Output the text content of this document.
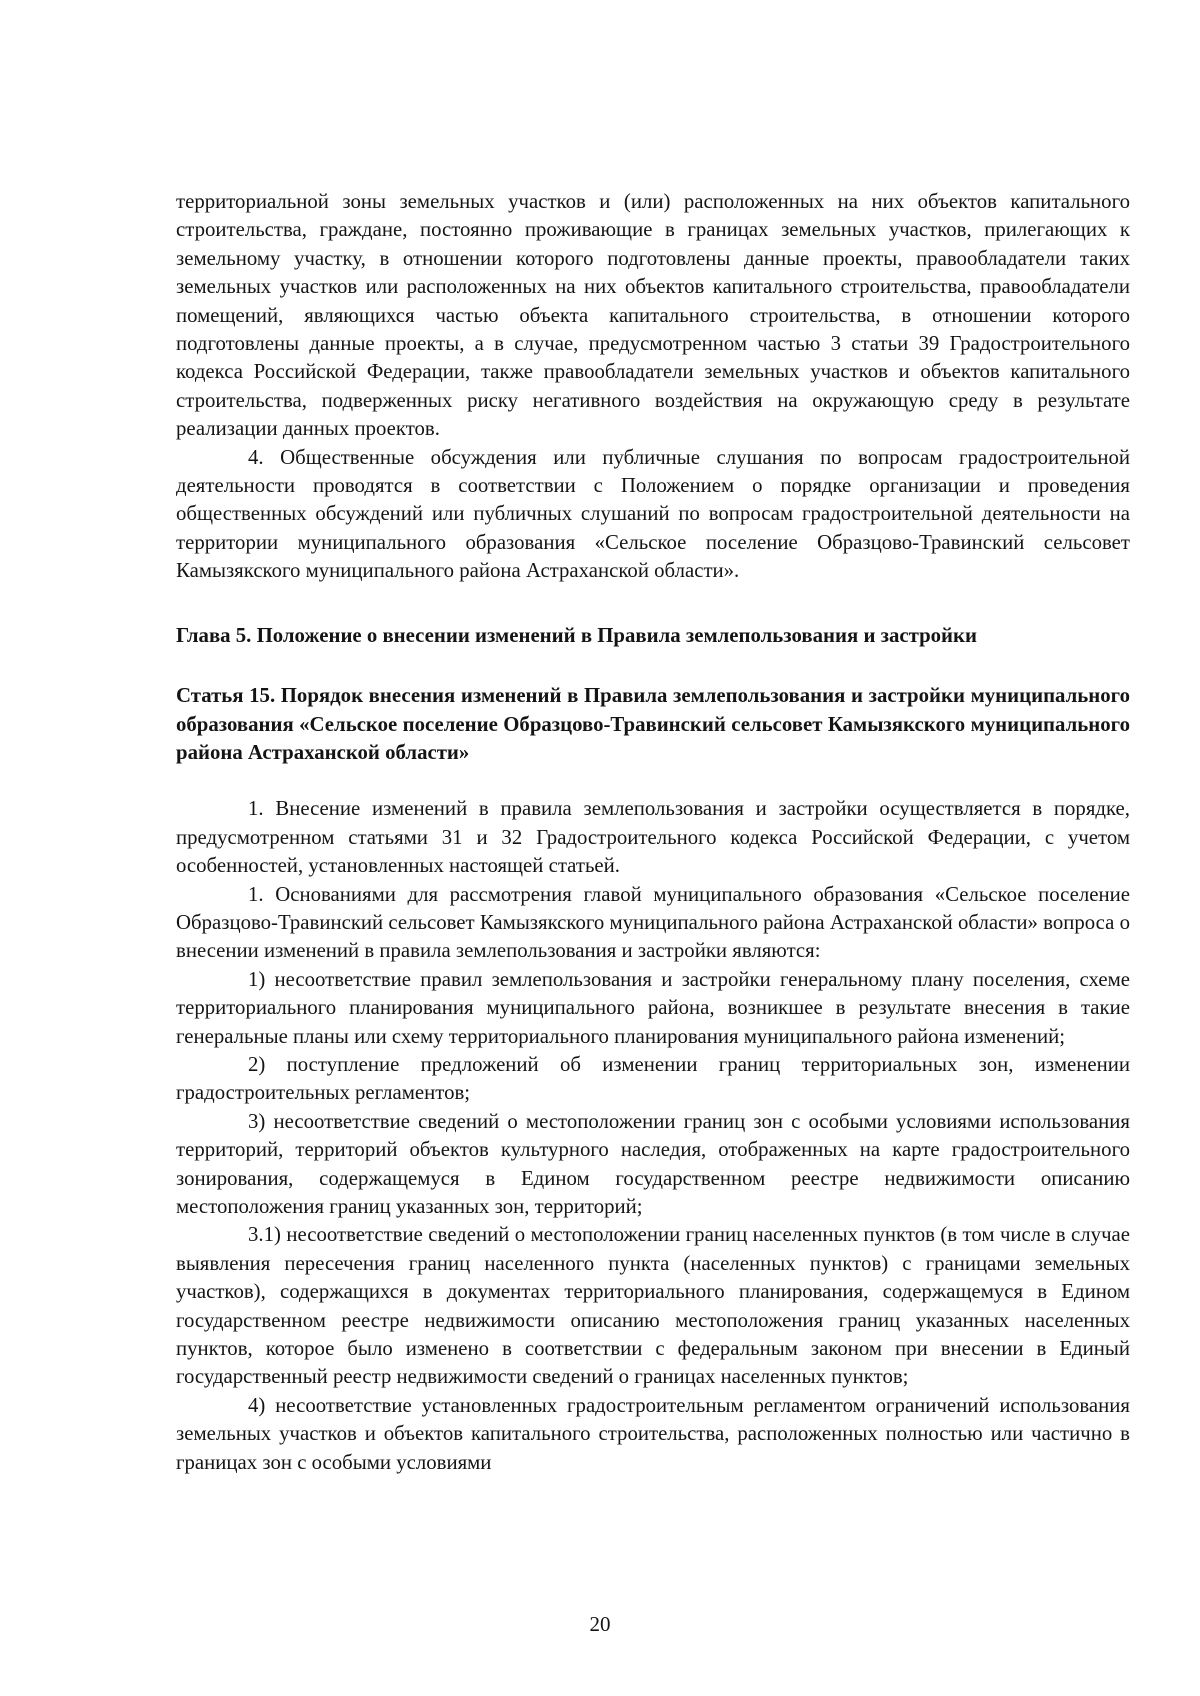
территориальной зоны земельных участков и (или) расположенных на них объектов капитального строительства, граждане, постоянно проживающие в границах земельных участков, прилегающих к земельному участку, в отношении которого подготовлены данные проекты, правообладатели таких земельных участков или расположенных на них объектов капитального строительства, правообладатели помещений, являющихся частью объекта капитального строительства, в отношении которого подготовлены данные проекты, а в случае, предусмотренном частью 3 статьи 39 Градостроительного кодекса Российской Федерации, также правообладатели земельных участков и объектов капитального строительства, подверженных риску негативного воздействия на окружающую среду в результате реализации данных проектов.

4. Общественные обсуждения или публичные слушания по вопросам градостроительной деятельности проводятся в соответствии с Положением о порядке организации и проведения общественных обсуждений или публичных слушаний по вопросам градостроительной деятельности на территории муниципального образования «Сельское поселение Образцово-Травинский сельсовет Камызякского муниципального района Астраханской области».

Глава 5. Положение о внесении изменений в Правила землепользования и застройки

Статья 15. Порядок внесения изменений в Правила землепользования и застройки муниципального образования «Сельское поселение Образцово-Травинский сельсовет Камызякского муниципального района Астраханской области»

1. Внесение изменений в правила землепользования и застройки осуществляется в порядке, предусмотренном статьями 31 и 32 Градостроительного кодекса Российской Федерации, с учетом особенностей, установленных настоящей статьей.

1. Основаниями для рассмотрения главой муниципального образования «Сельское поселение Образцово-Травинский сельсовет Камызякского муниципального района Астраханской области» вопроса о внесении изменений в правила землепользования и застройки являются:

1) несоответствие правил землепользования и застройки генеральному плану поселения, схеме территориального планирования муниципального района, возникшее в результате внесения в такие генеральные планы или схему территориального планирования муниципального района изменений;

2) поступление предложений об изменении границ территориальных зон, изменении градостроительных регламентов;

3) несоответствие сведений о местоположении границ зон с особыми условиями использования территорий, территорий объектов культурного наследия, отображенных на карте градостроительного зонирования, содержащемуся в Едином государственном реестре недвижимости описанию местоположения границ указанных зон, территорий;

3.1) несоответствие сведений о местоположении границ населенных пунктов (в том числе в случае выявления пересечения границ населенного пункта (населенных пунктов) с границами земельных участков), содержащихся в документах территориального планирования, содержащемуся в Едином государственном реестре недвижимости описанию местоположения границ указанных населенных пунктов, которое было изменено в соответствии с федеральным законом при внесении в Единый государственный реестр недвижимости сведений о границах населенных пунктов;

4) несоответствие установленных градостроительным регламентом ограничений использования земельных участков и объектов капитального строительства, расположенных полностью или частично в границах зон с особыми условиями

20
